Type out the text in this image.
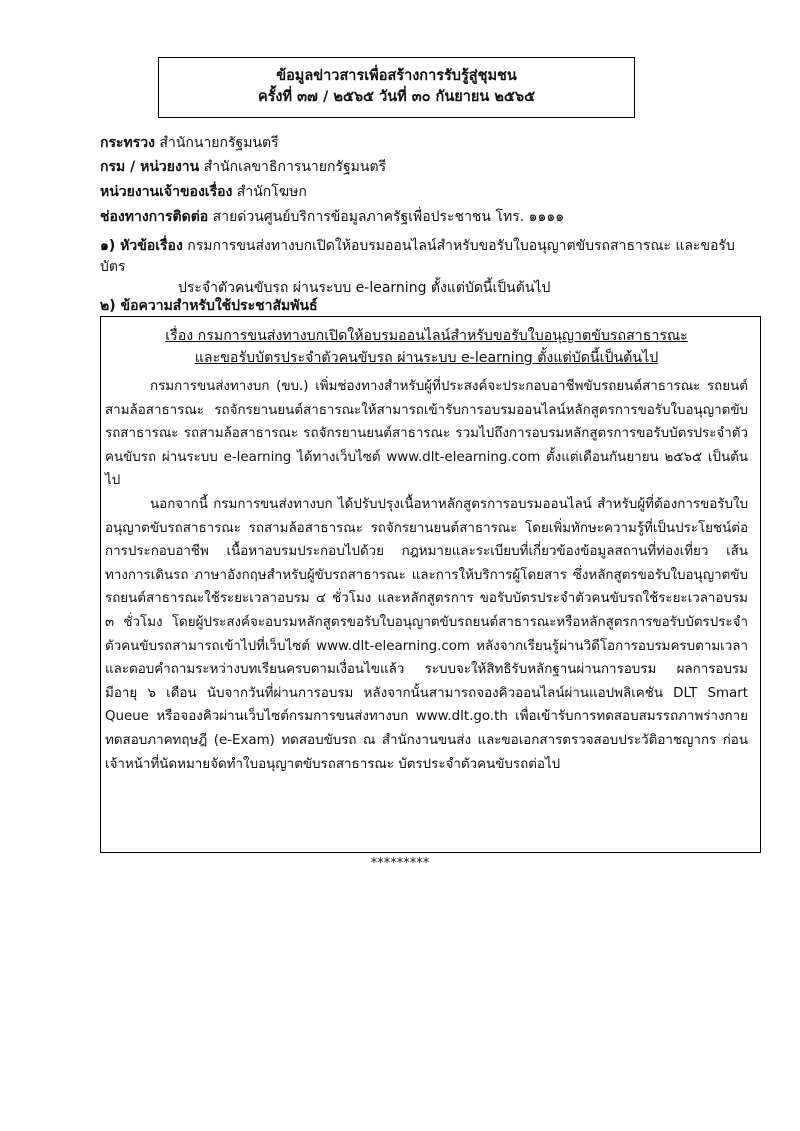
ข้อมูลข่าวสารเพื่อสร้างการรับรู้สู่ชุมชน
ครั้งที่ ๓๗ / ๒๕๖๕ วันที่ ๓๐ กันยายน ๒๕๖๕
กระทรวง สำนักนายกรัฐมนตรี
กรม / หน่วยงาน สำนักเลขาธิการนายกรัฐมนตรี
หน่วยงานเจ้าของเรื่อง สำนักโฆษก
ช่องทางการติดต่อ สายด่วนศูนย์บริการข้อมูลภาครัฐเพื่อประชาชน โทร. ๑๑๑๑
๑) หัวข้อเรื่อง กรมการขนส่งทางบกเปิดให้อบรมออนไลน์สำหรับขอรับใบอนุญาตขับรถสาธารณะ และขอรับบัตร
ประจำตัวคนขับรถ ผ่านระบบ e-learning ตั้งแต่บัดนี้เป็นต้นไป
๒) ข้อความสำหรับใช้ประชาสัมพันธ์
เรื่อง กรมการขนส่งทางบกเปิดให้อบรมออนไลน์สำหรับขอรับใบอนุญาตขับรถสาธารณะ
และขอรับบัตรประจำตัวคนขับรถ ผ่านระบบ e-learning ตั้งแต่บัดนี้เป็นต้นไป

กรมการขนส่งทางบก (ขบ.) เพิ่มช่องทางสำหรับผู้ที่ประสงค์จะประกอบอาชีพขับรถยนต์สาธารณะ รถยนต์สามล้อสาธารณะ รถจักรยานยนต์สาธารณะให้สามารถเข้ารับการอบรมออนไลน์หลักสูตรการขอรับใบอนุญาตขับรถสาธารณะ รถสามล้อสาธารณะ รถจักรยานยนต์สาธารณะ รวมไปถึงการอบรมหลักสูตรการขอรับบัตรประจำตัวคนขับรถ ผ่านระบบ e-learning ได้ทางเว็บไซต์ www.dlt-elearning.com ตั้งแต่เดือนกันยายน ๒๕๖๕ เป็นต้นไป

นอกจากนี้ กรมการขนส่งทางบก ได้ปรับปรุงเนื้อหาหลักสูตรการอบรมออนไลน์ สำหรับผู้ที่ต้องการขอรับใบอนุญาตขับรถสาธารณะ รถสามล้อสาธารณะ รถจักรยานยนต์สาธารณะ โดยเพิ่มทักษะความรู้ที่เป็นประโยชน์ต่อการประกอบอาชีพ เนื้อหาอบรมประกอบไปด้วย กฎหมายและระเบียบที่เกี่ยวข้องข้อมูลสถานที่ท่องเที่ยว เส้นทางการเดินรถ ภาษาอังกฤษสำหรับผู้ขับรถสาธารณะ และการให้บริการผู้โดยสาร ซึ่งหลักสูตรขอรับใบอนุญาตขับรถยนต์สาธารณะใช้ระยะเวลาอบรม ๔ ชั่วโมง และหลักสูตรการ ขอรับบัตรประจำตัวคนขับรถใช้ระยะเวลาอบรม ๓ ชั่วโมง โดยผู้ประสงค์จะอบรมหลักสูตรขอรับใบอนุญาตขับรถยนต์สาธารณะหรือหลักสูตรการขอรับบัตรประจำตัวคนขับรถสามารถเข้าไปที่เว็บไซต์ www.dlt-elearning.com หลังจากเรียนรู้ผ่านวิดีโอการอบรมครบตามเวลาและตอบคำถามระหว่างบทเรียนครบตามเงื่อนไขแล้ว ระบบจะให้สิทธิรับหลักฐานผ่านการอบรม ผลการอบรมมีอายุ ๖ เดือน นับจากวันที่ผ่านการอบรม หลังจากนั้นสามารถจองคิวออนไลน์ผ่านแอปพลิเคชัน DLT Smart Queue หรือจองคิวผ่านเว็บไซต์กรมการขนส่งทางบก www.dlt.go.th เพื่อเข้ารับการทดสอบสมรรถภาพร่างกาย ทดสอบภาคทฤษฎี (e-Exam) ทดสอบขับรถ ณ สำนักงานขนส่ง และขอเอกสารตรวจสอบประวัติอาชญากร ก่อนเจ้าหน้าที่นัดหมายจัดทำใบอนุญาตขับรถสาธารณะ บัตรประจำตัวคนขับรถต่อไป

*********
